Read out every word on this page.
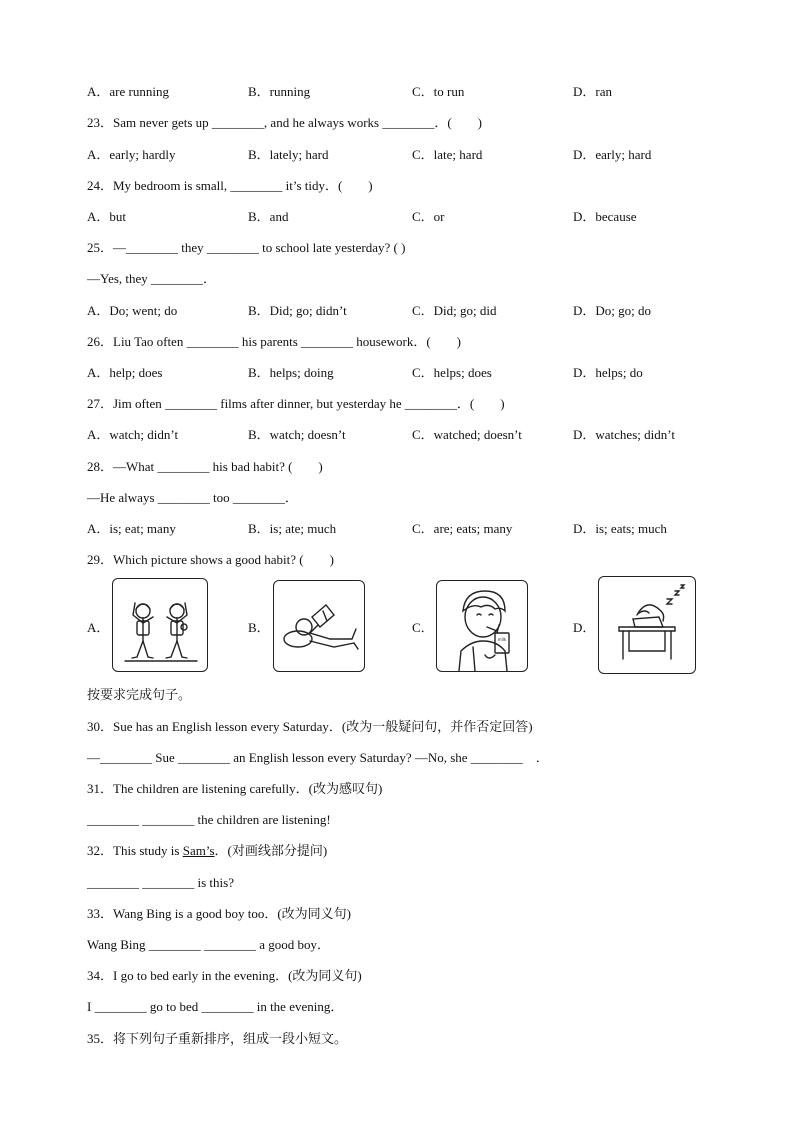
A．are running	B．running	C．to run	D．ran
23．Sam never gets up ________, and he always works ________．(　　)
A．early; hardly	B．lately; hard	C．late; hard	D．early; hard
24．My bedroom is small, ________ it’s tidy．(　　)
A．but	B．and	C．or	D．because
25．—________ they ________ to school late yesterday? ( )
—Yes, they ________．
A．Do; went; do	B．Did; go; didn’t	C．Did; go; did	D．Do; go; do
26．Liu Tao often ________ his parents ________ housework．(　　)
A．help; does	B．helps; doing	C．helps; does	D．helps; do
27．Jim often ________ films after dinner, but yesterday he ________．(　　)
A．watch; didn’t	B．watch; doesn’t	C．watched; doesn’t	D．watches; didn’t
28．—What ________ his bad habit? (　　)
—He always ________ too ________．
A．is; eat; many	B．is; ate; much	C．are; eats; many	D．is; eats; much
29．Which picture shows a good habit? (　　)
A．	B．	C．
milk
D．
按要求完成句子。
30．Sue has an English lesson every Saturday．(改为一般疑问句，并作否定回答)
—________ Sue ________ an English lesson every Saturday? —No, she ________　．
31．The children are listening carefully．(改为感叹句)
________ ________ the children are listening!
32．This study is Sam’s．(对画线部分提问)
________ ________ is this?
33．Wang Bing is a good boy too．(改为同义句)
Wang Bing ________ ________ a good boy．
34．I go to bed early in the evening．(改为同义句)
I ________ go to bed ________ in the evening．
35．将下列句子重新排序，组成一段小短文。
